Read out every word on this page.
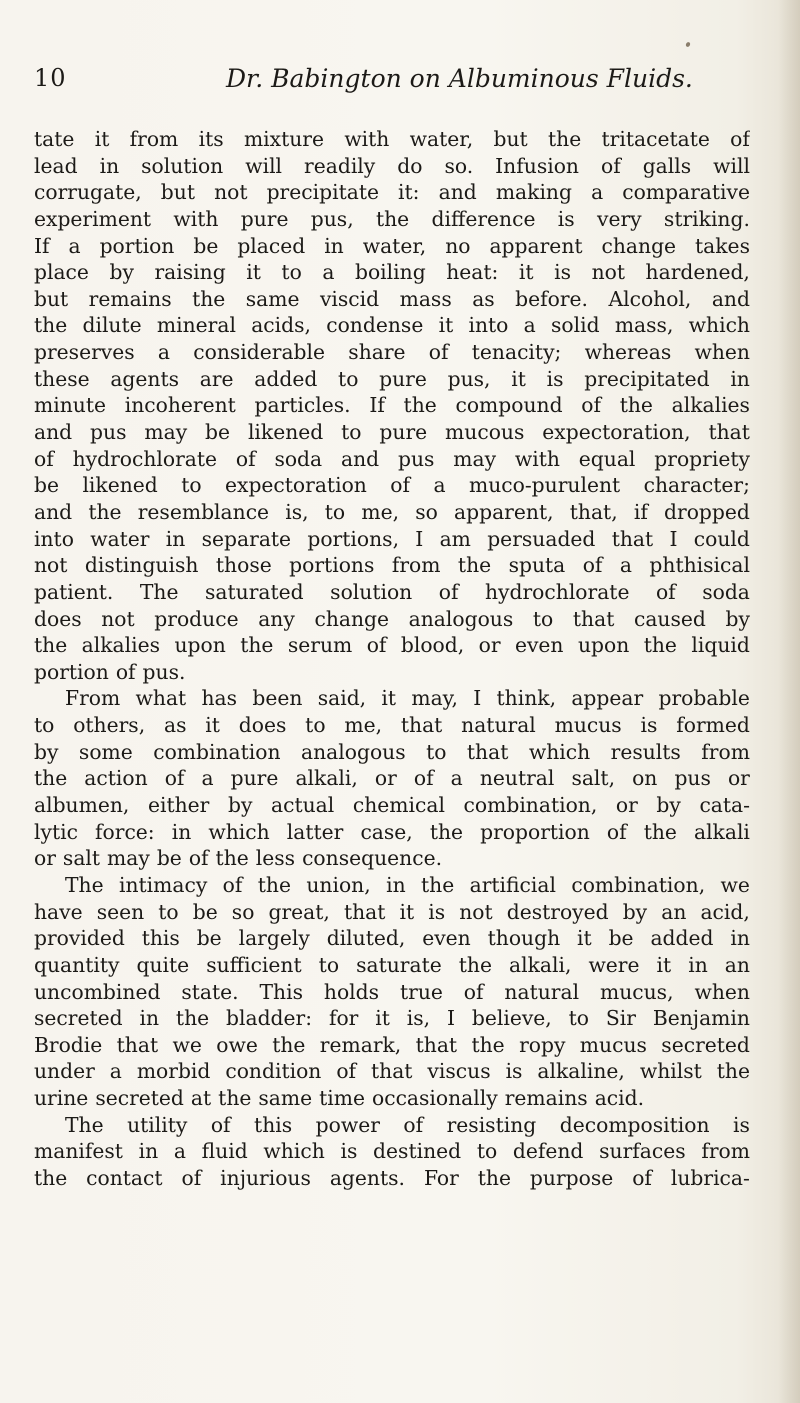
10	Dr. Babington on Albuminous Fluids.
tate it from its mixture with water, but the tritacetate of
lead in solution will readily do so. Infusion of galls will
corrugate, but not precipitate it: and making a comparative
experiment with pure pus, the difference is very striking.
If a portion be placed in water, no apparent change takes
place by raising it to a boiling heat: it is not hardened,
but remains the same viscid mass as before. Alcohol, and
the dilute mineral acids, condense it into a solid mass, which
preserves a considerable share of tenacity; whereas when
these agents are added to pure pus, it is precipitated in
minute incoherent particles. If the compound of the alkalies
and pus may be likened to pure mucous expectoration, that
of hydrochlorate of soda and pus may with equal propriety
be likened to expectoration of a muco-purulent character;
and the resemblance is, to me, so apparent, that, if dropped
into water in separate portions, I am persuaded that I could
not distinguish those portions from the sputa of a phthisical
patient. The saturated solution of hydrochlorate of soda
does not produce any change analogous to that caused by
the alkalies upon the serum of blood, or even upon the liquid
portion of pus.
From what has been said, it may, I think, appear probable
to others, as it does to me, that natural mucus is formed
by some combination analogous to that which results from
the action of a pure alkali, or of a neutral salt, on pus or
albumen, either by actual chemical combination, or by cata-
lytic force: in which latter case, the proportion of the alkali
or salt may be of the less consequence.
The intimacy of the union, in the artificial combination, we
have seen to be so great, that it is not destroyed by an acid,
provided this be largely diluted, even though it be added in
quantity quite sufficient to saturate the alkali, were it in an
uncombined state. This holds true of natural mucus, when
secreted in the bladder: for it is, I believe, to Sir Benjamin
Brodie that we owe the remark, that the ropy mucus secreted
under a morbid condition of that viscus is alkaline, whilst the
urine secreted at the same time occasionally remains acid.
The utility of this power of resisting decomposition is
manifest in a fluid which is destined to defend surfaces from
the contact of injurious agents. For the purpose of lubrica-
